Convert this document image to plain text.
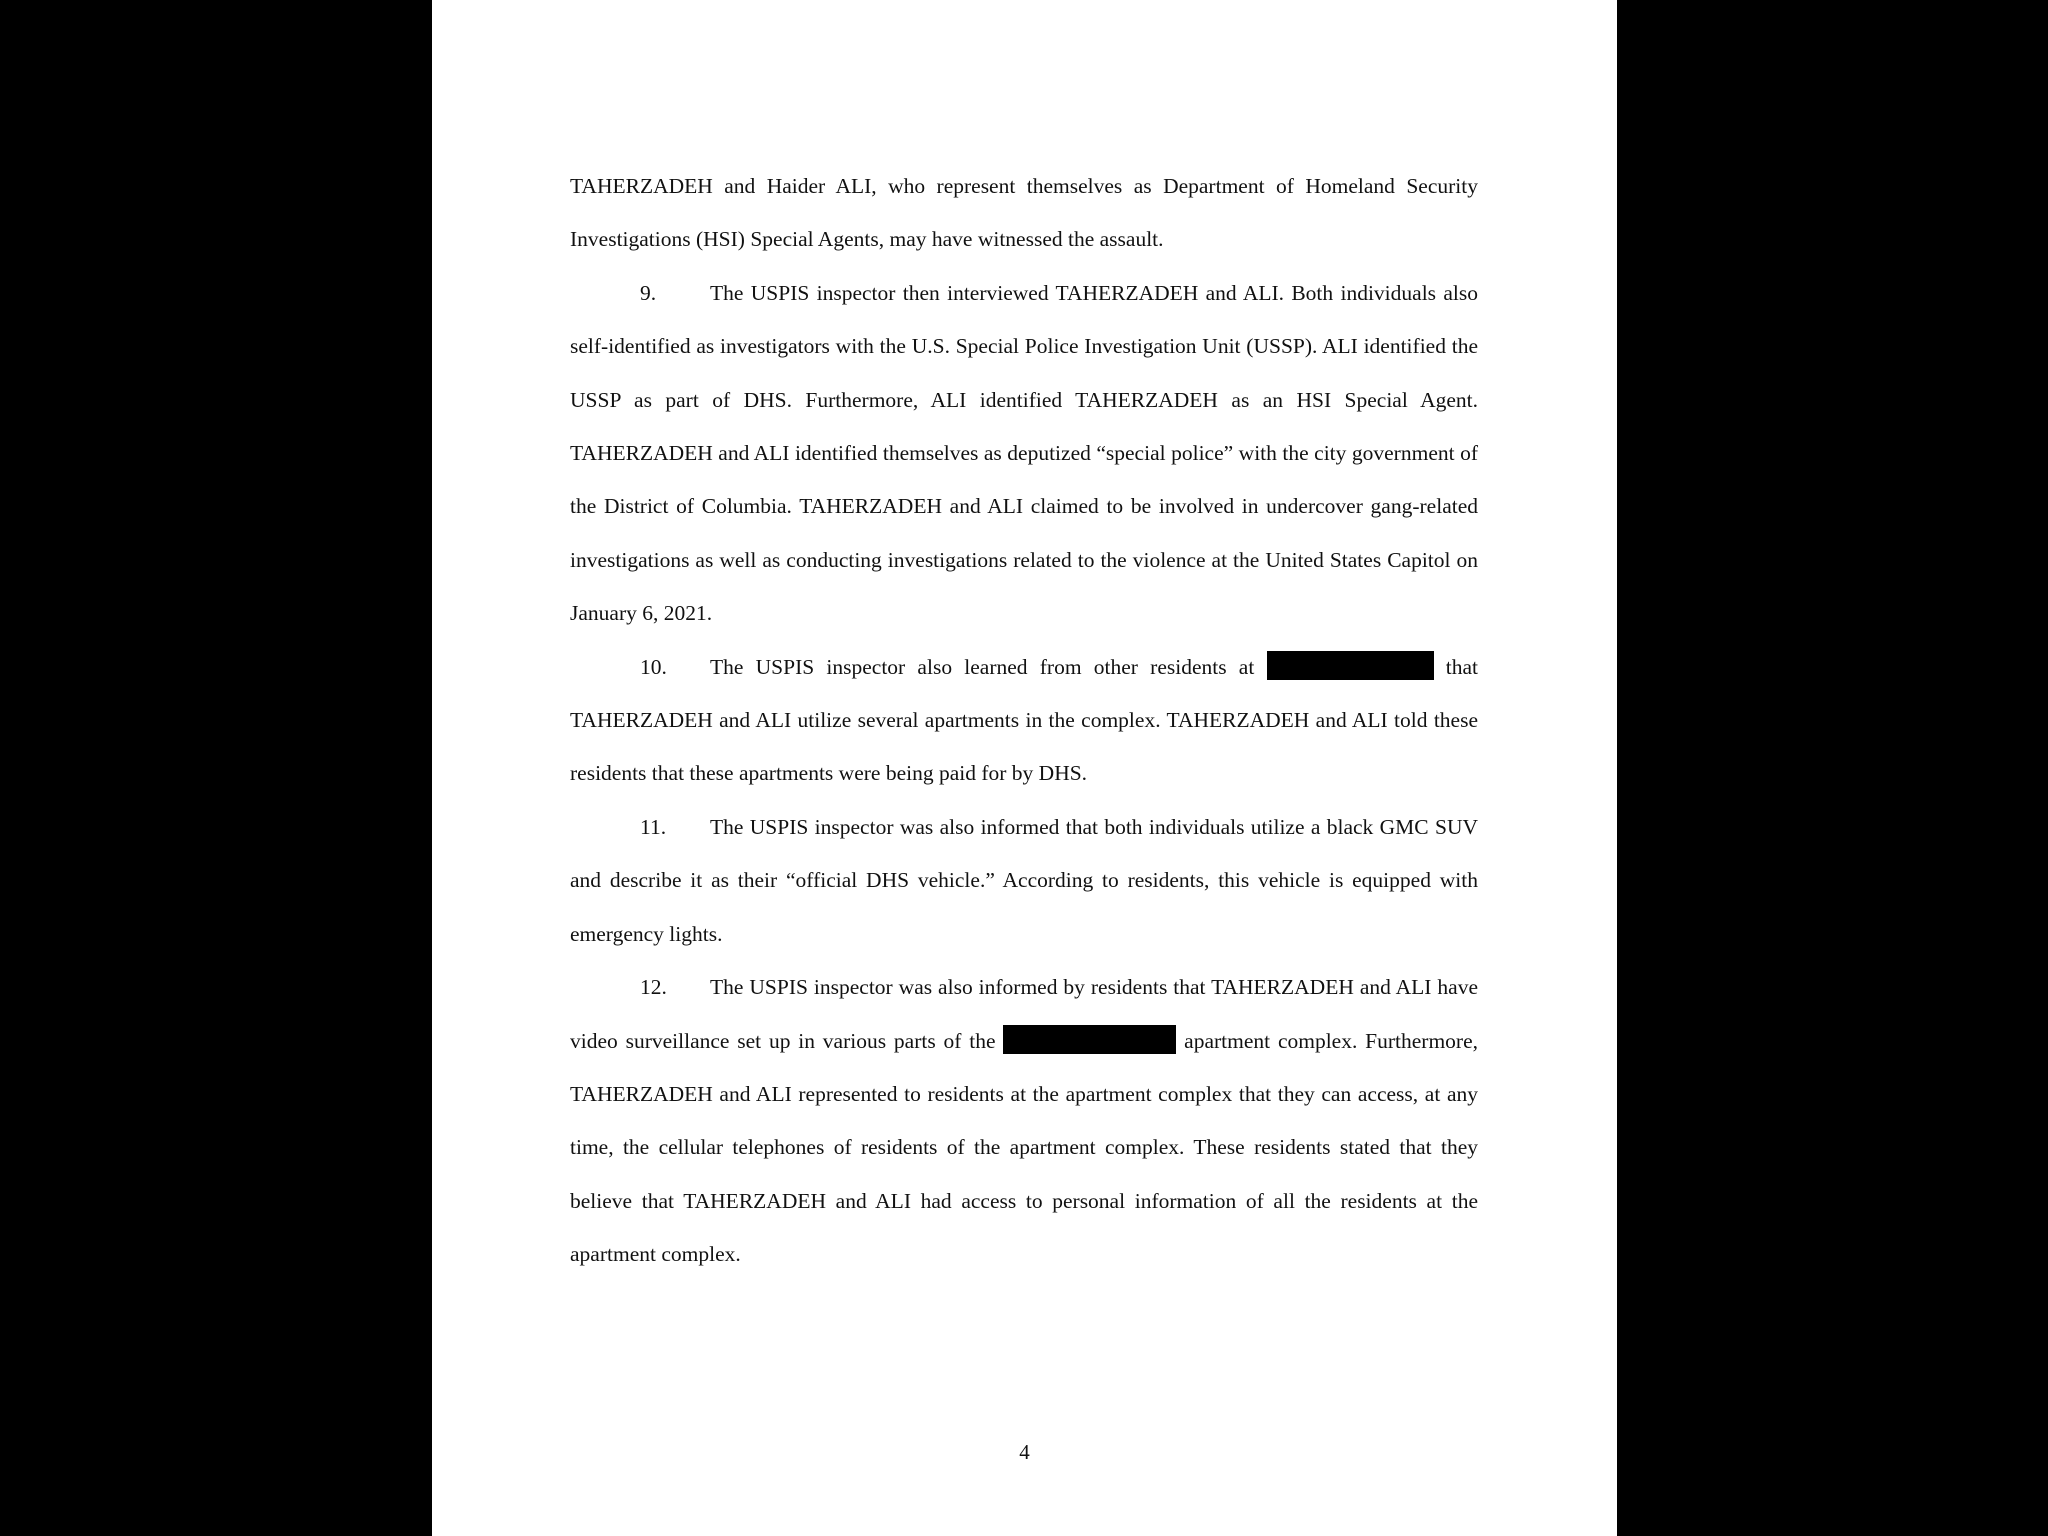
TAHERZADEH and Haider ALI, who represent themselves as Department of Homeland Security Investigations (HSI) Special Agents, may have witnessed the assault.

9.	The USPIS inspector then interviewed TAHERZADEH and ALI. Both individuals also self-identified as investigators with the U.S. Special Police Investigation Unit (USSP). ALI identified the USSP as part of DHS. Furthermore, ALI identified TAHERZADEH as an HSI Special Agent. TAHERZADEH and ALI identified themselves as deputized “special police” with the city government of the District of Columbia. TAHERZADEH and ALI claimed to be involved in undercover gang-related investigations as well as conducting investigations related to the violence at the United States Capitol on January 6, 2021.

10. The USPIS inspector also learned from other residents at	that TAHERZADEH and ALI utilize several apartments in the complex. TAHERZADEH and ALI told these residents that these apartments were being paid for by DHS.

11. The USPIS inspector was also informed that both individuals utilize a black GMC SUV and describe it as their “official DHS vehicle.” According to residents, this vehicle is equipped with emergency lights.

12. The USPIS inspector was also informed by residents that TAHERZADEH and ALI have video surveillance set up in various parts of the	apartment complex. Furthermore, TAHERZADEH and ALI represented to residents at the apartment complex that they can access, at any time, the cellular telephones of residents of the apartment complex. These residents stated that they believe that TAHERZADEH and ALI had access to personal information of all the residents at the apartment complex.

4
